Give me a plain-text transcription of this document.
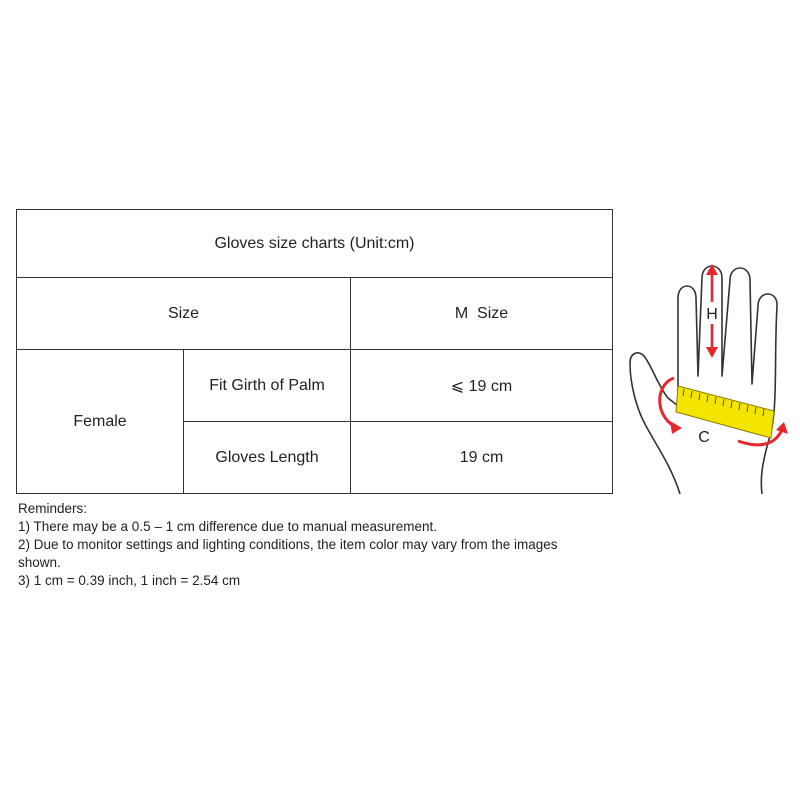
Gloves size charts (Unit:cm)		
Size		M  Size
Female	Fit Girth of Palm	⩽ 19 cm
	Gloves Length	19 cm

Reminders:

1) There may be a 0.5 – 1 cm difference due to manual measurement.

2) Due to monitor settings and lighting conditions, the item color may vary from the images shown.

3) 1 cm = 0.39 inch, 1 inch = 2.54 cm

H
C
